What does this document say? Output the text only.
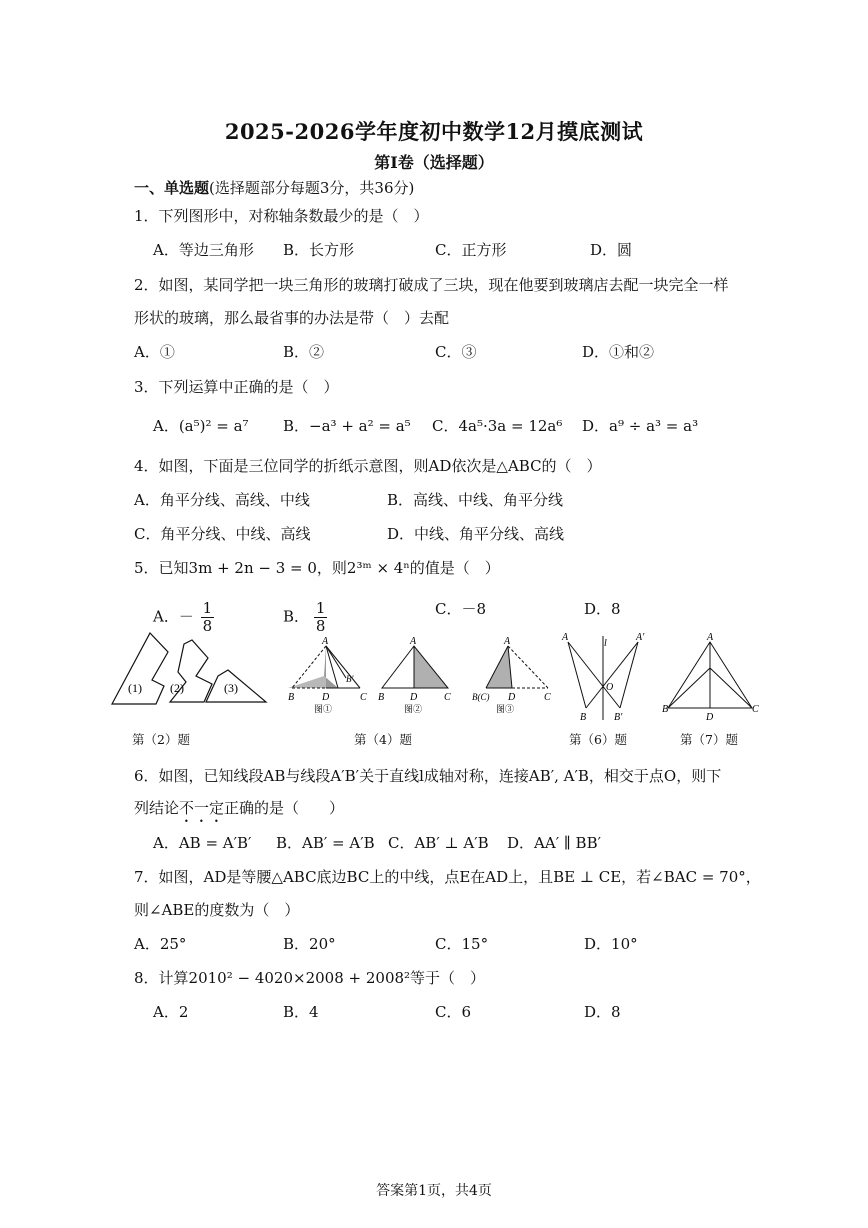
2025-2026学年度初中数学12月摸底测试
第Ⅰ卷（选择题）
一、单选题(选择题部分每题3分，共36分)
1．下列图形中，对称轴条数最少的是（　）
A．等边三角形 B．长方形	C．正方形	D．圆
2．如图，某同学把一块三角形的玻璃打破成了三块，现在他要到玻璃店去配一块完全一样
形状的玻璃，那么最省事的办法是带（　）去配
A．①	B．②	C．③	D．①和②
3．下列运算中正确的是（　）
A．(a⁵)² = a⁷ B．−a³ + a² = a⁵ C．4a⁵·3a = 12a⁶ D．a⁹ ÷ a³ = a³
4．如图，下面是三位同学的折纸示意图，则AD依次是△ABC的（　）
A．角平分线、高线、中线	B．高线、中线、角平分线
C．角平分线、中线、高线	D．中线、角平分线、高线
5．已知3m + 2n − 3 = 0，则2³ᵐ × 4ⁿ的值是（　）
A．－ $\frac{1}{8}$	B． $\frac{1}{8}$	C．－8	D．8
(1) (2)	(3)
B	D	C
A
B′
图①
B	D	C
A
图②
B(C) D	C
A
图③
A	A′
l
O
B	B′
A
B
D
C
第（2）题	第（4）题	第（6）题	第（7）题
6．如图，已知线段AB与线段A′B′关于直线l成轴对称，连接AB′, A′B，相交于点O，则下
列结论不一定正确的是（　　）
A．AB = A′B′ B．AB′ = A′B C．AB′ ⊥ A′B D．AA′ ∥ BB′
7．如图，AD是等腰△ABC底边BC上的中线，点E在AD上，且BE ⊥ CE，若∠BAC = 70°，
则∠ABE的度数为（　）
A．25°	B．20°	C．15°	D．10°
8．计算2010² − 4020×2008 + 2008²等于（　）
A．2	B．4	C．6	D．8
答案第1页，共4页
